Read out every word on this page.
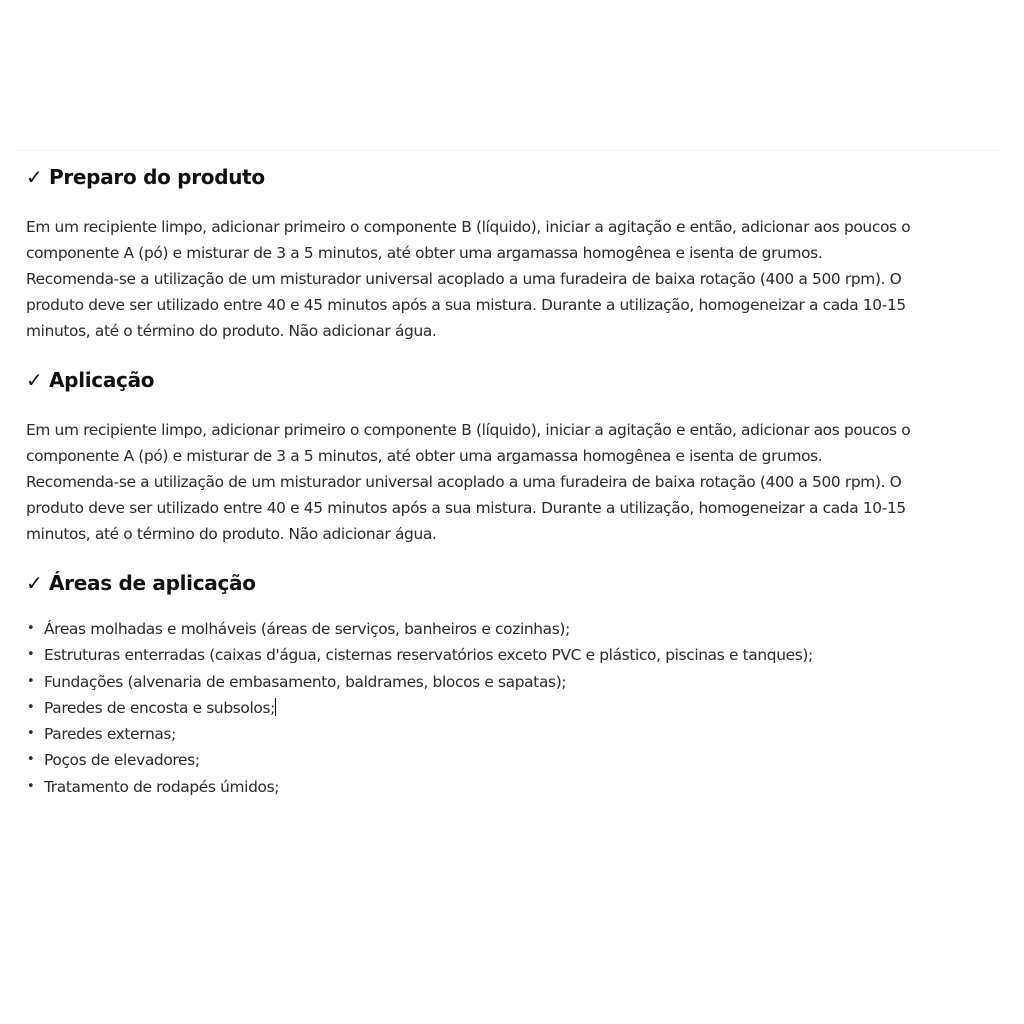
✓ Preparo do produto

Em um recipiente limpo, adicionar primeiro o componente B (líquido), iniciar a agitação e então, adicionar aos poucos o
componente A (pó) e misturar de 3 a 5 minutos, até obter uma argamassa homogênea e isenta de grumos.
Recomenda-se a utilização de um misturador universal acoplado a uma furadeira de baixa rotação (400 a 500 rpm). O
produto deve ser utilizado entre 40 e 45 minutos após a sua mistura. Durante a utilização, homogeneizar a cada 10-15
minutos, até o término do produto. Não adicionar água.

✓ Aplicação

Em um recipiente limpo, adicionar primeiro o componente B (líquido), iniciar a agitação e então, adicionar aos poucos o
componente A (pó) e misturar de 3 a 5 minutos, até obter uma argamassa homogênea e isenta de grumos.
Recomenda-se a utilização de um misturador universal acoplado a uma furadeira de baixa rotação (400 a 500 rpm). O
produto deve ser utilizado entre 40 e 45 minutos após a sua mistura. Durante a utilização, homogeneizar a cada 10-15
minutos, até o término do produto. Não adicionar água.

✓ Áreas de aplicação
• Áreas molhadas e molháveis (áreas de serviços, banheiros e cozinhas);
• Estruturas enterradas (caixas d'água, cisternas reservatórios exceto PVC e plástico, piscinas e tanques);
• Fundações (alvenaria de embasamento, baldrames, blocos e sapatas);
• Paredes de encosta e subsolos;
• Paredes externas;
• Poços de elevadores;
• Tratamento de rodapés úmidos;
